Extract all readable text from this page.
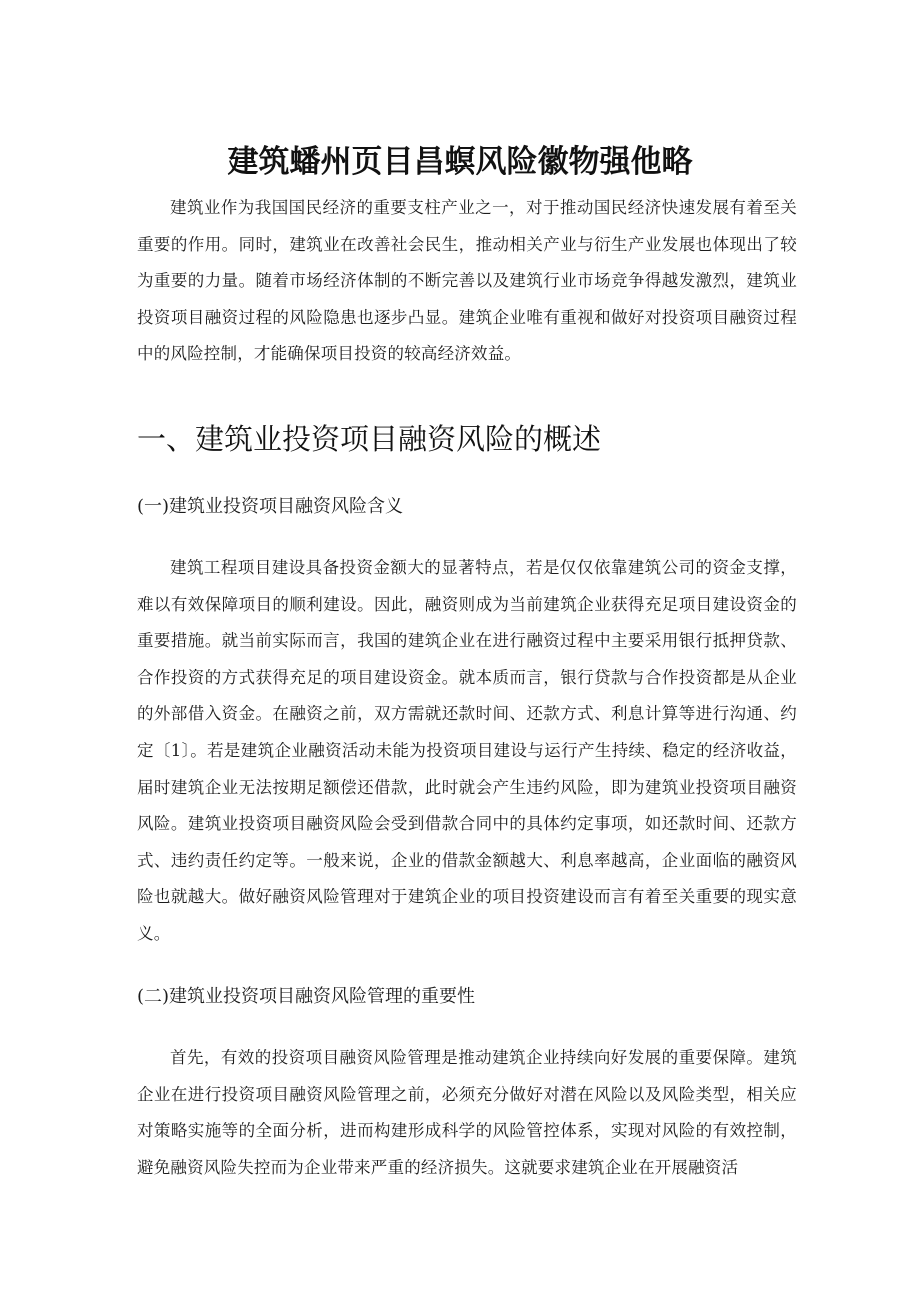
建筑蟠州页目昌螟风险徽物强他略

建筑业作为我国国民经济的重要支柱产业之一，对于推动国民经济快速发展有着至关重要的作用。同时，建筑业在改善社会民生，推动相关产业与衍生产业发展也体现出了较为重要的力量。随着市场经济体制的不断完善以及建筑行业市场竞争得越发激烈，建筑业投资项目融资过程的风险隐患也逐步凸显。建筑企业唯有重视和做好对投资项目融资过程中的风险控制，才能确保项目投资的较高经济效益。

一、建筑业投资项目融资风险的概述
(一)建筑业投资项目融资风险含义

建筑工程项目建设具备投资金额大的显著特点，若是仅仅依靠建筑公司的资金支撑，难以有效保障项目的顺利建设。因此，融资则成为当前建筑企业获得充足项目建设资金的重要措施。就当前实际而言，我国的建筑企业在进行融资过程中主要采用银行抵押贷款、合作投资的方式获得充足的项目建设资金。就本质而言，银行贷款与合作投资都是从企业的外部借入资金。在融资之前，双方需就还款时间、还款方式、利息计算等进行沟通、约定〔1〕。若是建筑企业融资活动未能为投资项目建设与运行产生持续、稳定的经济收益，届时建筑企业无法按期足额偿还借款，此时就会产生违约风险，即为建筑业投资项目融资风险。建筑业投资项目融资风险会受到借款合同中的具体约定事项，如还款时间、还款方式、违约责任约定等。一般来说，企业的借款金额越大、利息率越高，企业面临的融资风险也就越大。做好融资风险管理对于建筑企业的项目投资建设而言有着至关重要的现实意义。

(二)建筑业投资项目融资风险管理的重要性

首先，有效的投资项目融资风险管理是推动建筑企业持续向好发展的重要保障。建筑企业在进行投资项目融资风险管理之前，必须充分做好对潜在风险以及风险类型，相关应对策略实施等的全面分析，进而构建形成科学的风险管控体系，实现对风险的有效控制，避免融资风险失控而为企业带来严重的经济损失。这就要求建筑企业在开展融资活
